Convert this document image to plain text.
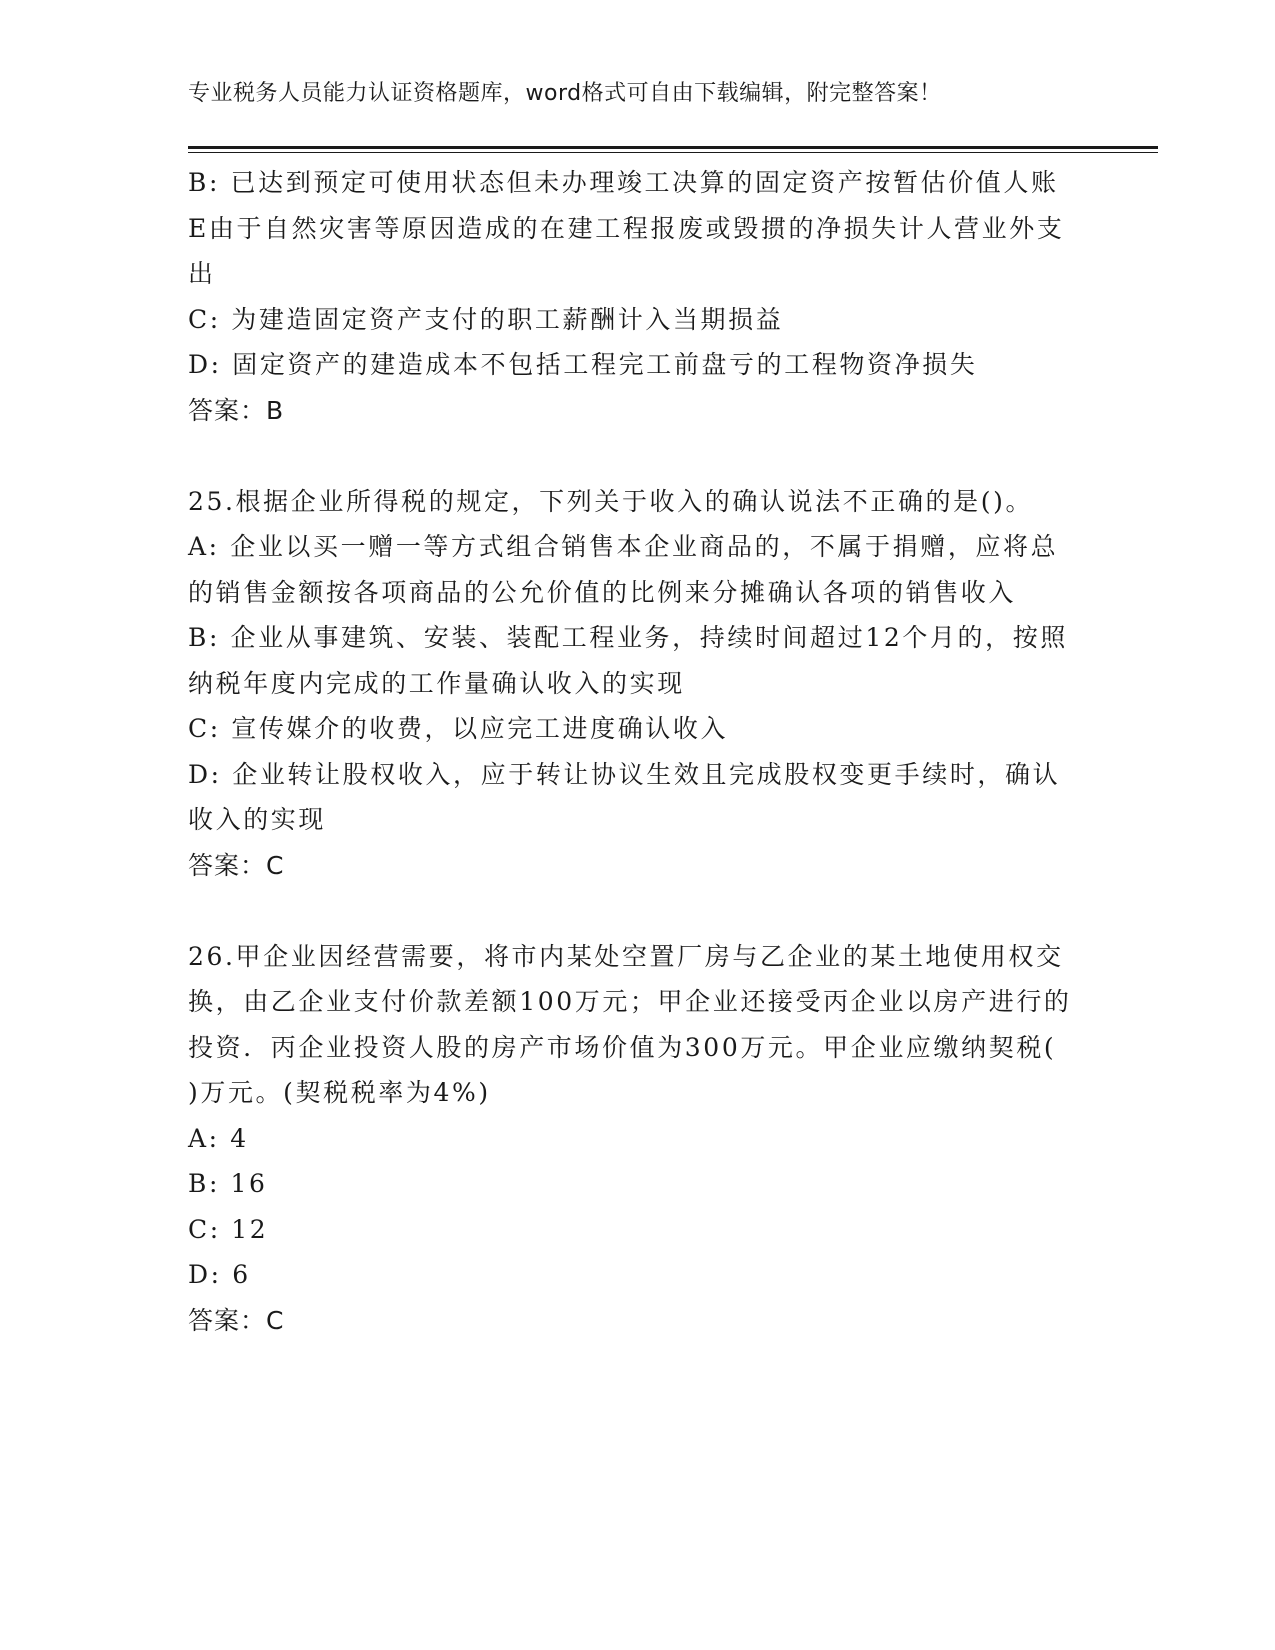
专业税务人员能力认证资格题库，word格式可自由下载编辑，附完整答案！

B: 已达到预定可使用状态但未办理竣工决算的固定资产按暂估价值人账E由于自然灾害等原因造成的在建工程报废或毁掼的净损失计人营业外支出

C: 为建造固定资产支付的职工薪酬计入当期损益

D: 固定资产的建造成本不包括工程完工前盘亏的工程物资净损失

答案：B

25.根据企业所得税的规定，下列关于收入的确认说法不正确的是()。

A: 企业以买一赠一等方式组合销售本企业商品的，不属于捐赠，应将总的销售金额按各项商品的公允价值的比例来分摊确认各项的销售收入

B: 企业从事建筑、安装、装配工程业务，持续时间超过12个月的，按照纳税年度内完成的工作量确认收入的实现

C: 宣传媒介的收费，以应完工进度确认收入

D: 企业转让股权收入，应于转让协议生效且完成股权变更手续时，确认收入的实现

答案：C

26.甲企业因经营需要，将市内某处空置厂房与乙企业的某土地使用权交换，由乙企业支付价款差额100万元；甲企业还接受丙企业以房产进行的投资．丙企业投资人股的房产市场价值为300万元。甲企业应缴纳契税(    )万元。(契税税率为4%)

A: 4

B: 16

C: 12

D: 6

答案：C
